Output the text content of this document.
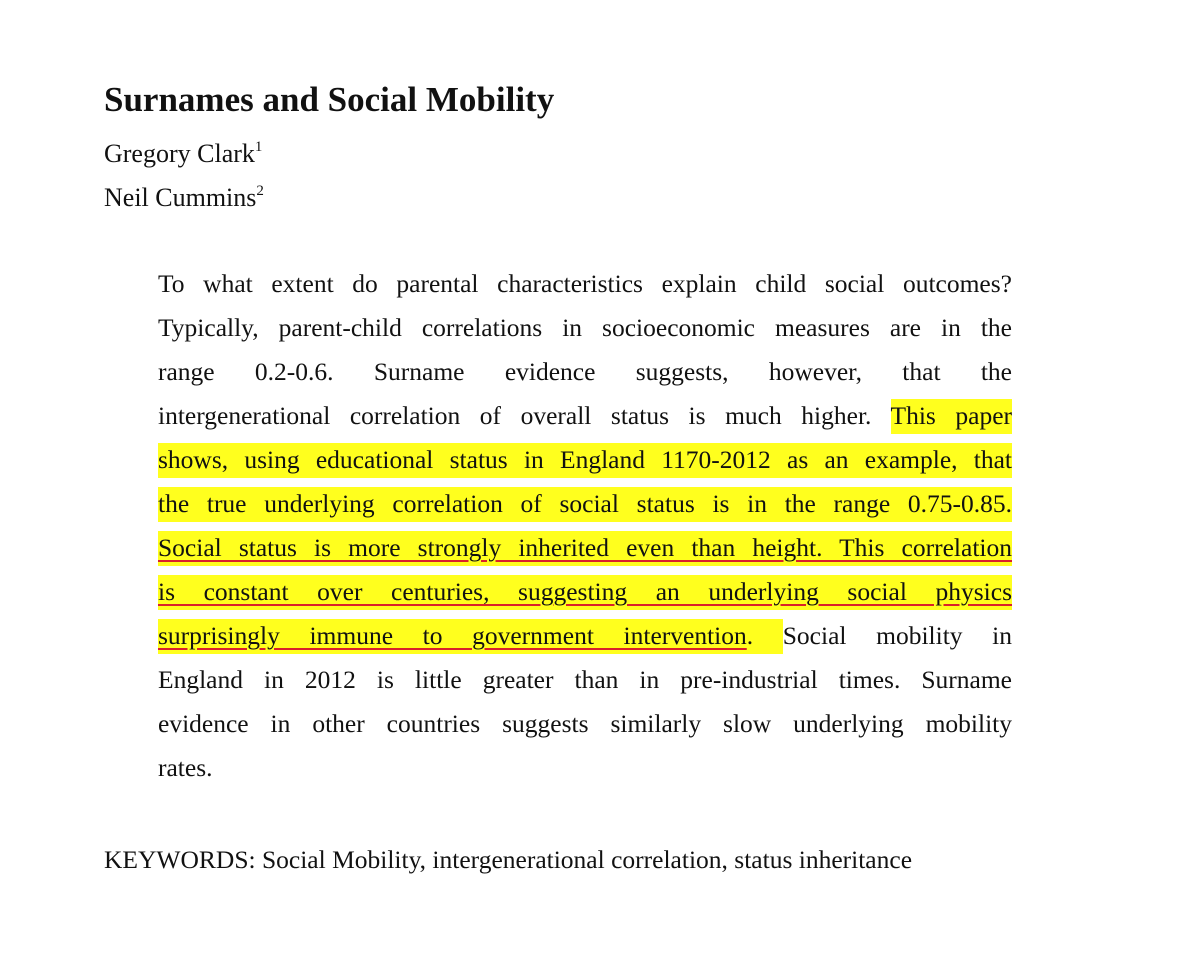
Surnames and Social Mobility
Gregory Clark$^1$
Neil Cummins$^2$
To what extent do parental characteristics explain child social outcomes?
Typically, parent-child correlations in socioeconomic measures are in the
range 0.2-0.6. Surname evidence suggests, however, that the
intergenerational correlation of overall status is much higher. This paper
shows, using educational status in England 1170-2012 as an example, that
the true underlying correlation of social status is in the range 0.75-0.85.
Social status is more strongly inherited even than height. This correlation
is constant over centuries, suggesting an underlying social physics
surprisingly immune to government intervention. Social mobility in
England in 2012 is little greater than in pre-industrial times. Surname
evidence in other countries suggests similarly slow underlying mobility
rates.
KEYWORDS: Social Mobility, intergenerational correlation, status inheritance
